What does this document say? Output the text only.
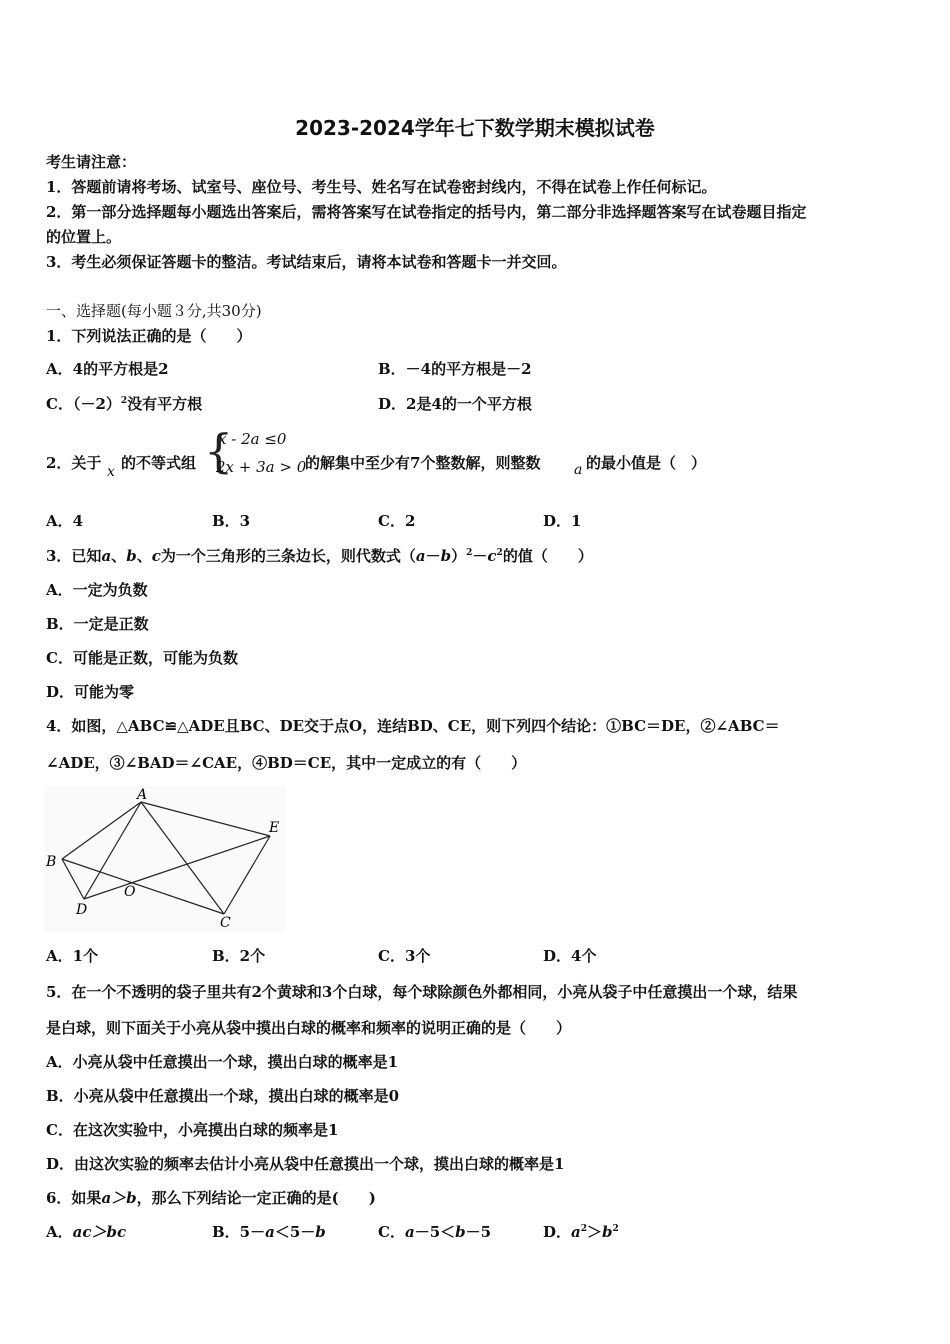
2023-2024学年七下数学期末模拟试卷
考生请注意：
1．答题前请将考场、试室号、座位号、考生号、姓名写在试卷密封线内，不得在试卷上作任何标记。
2．第一部分选择题每小题选出答案后，需将答案写在试卷指定的括号内，第二部分非选择题答案写在试卷题目指定
的位置上。
3．考生必须保证答题卡的整洁。考试结束后，请将本试卷和答题卡一并交回。
一、选择题(每小题３分,共30分)
1．下列说法正确的是（　　）
A．4的平方根是2	B．－4的平方根是－2
C．$(-2)^2$没有平方根	D．2是4的一个平方根
2．关于 x 的不等式组 {
x - 2a ≤0
2x + 3a > 0
的解集中至少有7个整数解，则整数 a 的最小值是（　）
A．4	B．3	C．2	D．1
3．已知a、b、c为一个三角形的三条边长，则代数式$(a-b)^2-c^2$的值（　　）
A．一定为负数
B．一定是正数
C．可能是正数，可能为负数
D．可能为零
4．如图，△ABC≌△ADE且BC、DE交于点O，连结BD、CE，则下列四个结论：①BC＝DE，②∠ABC＝
∠ADE，③∠BAD＝∠CAE，④BD＝CE，其中一定成立的有（　　）
A
B
C
D
E
O
A．1个	B．2个	C．3个	D．4个
5．在一个不透明的袋子里共有2个黄球和3个白球，每个球除颜色外都相同，小亮从袋子中任意摸出一个球，结果
是白球，则下面关于小亮从袋中摸出白球的概率和频率的说明正确的是（　　）
A．小亮从袋中任意摸出一个球，摸出白球的概率是1
B．小亮从袋中任意摸出一个球，摸出白球的概率是0
C．在这次实验中，小亮摸出白球的频率是1
D．由这次实验的频率去估计小亮从袋中任意摸出一个球，摸出白球的概率是1
6．如果a＞b，那么下列结论一定正确的是(　　)
A．ac＞bc	B．5－a＜5－b	C．a－5＜b－5	D．$a^2>b^2$
